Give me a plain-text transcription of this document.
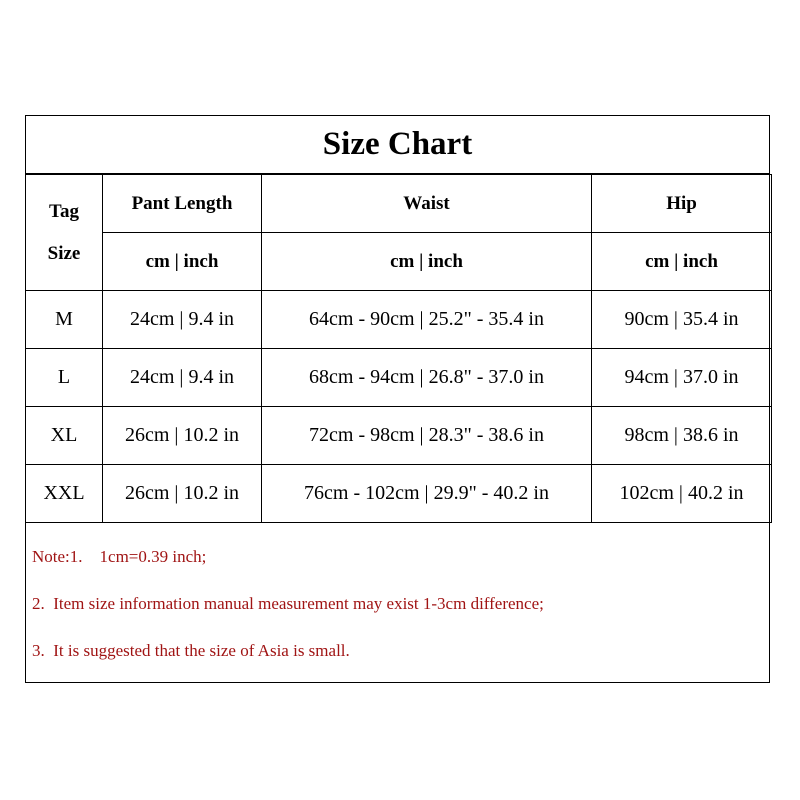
Size Chart
Tag
Size	Pant Length	Waist	Hip
	cm | inch	cm | inch	cm | inch
M	24cm | 9.4 in	64cm - 90cm | 25.2" - 35.4 in	90cm | 35.4 in
L	24cm | 9.4 in	68cm - 94cm | 26.8" - 37.0 in	94cm | 37.0 in
XL	26cm | 10.2 in	72cm - 98cm | 28.3" - 38.6 in	98cm | 38.6 in
XXL	26cm | 10.2 in	76cm - 102cm | 29.9" - 40.2 in	102cm | 40.2 in
Note:1.    1cm=0.39 inch;
2.  Item size information manual measurement may exist 1-3cm difference;
3.  It is suggested that the size of Asia is small.
